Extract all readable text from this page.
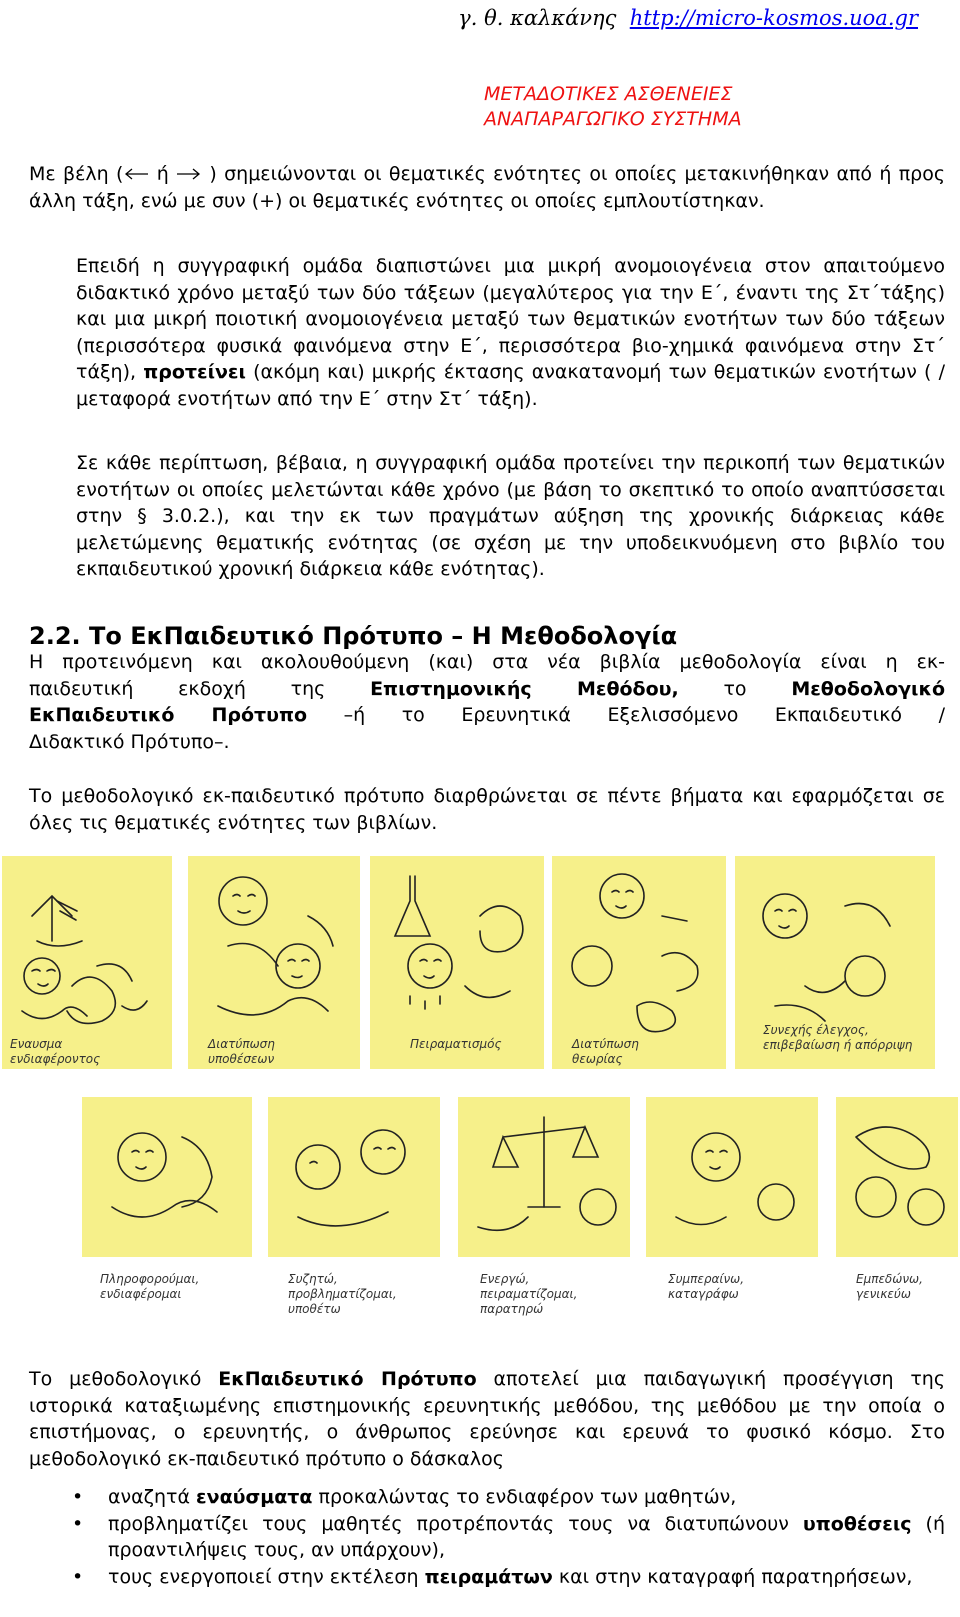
γ. θ. καλκάνης http://micro-kosmos.uoa.gr
ΜΕΤΑΔΟΤΙΚΕΣ ΑΣΘΕΝΕΙΕΣ
ΑΝΑΠΑΡΑΓΩΓΙΚΟ ΣΥΣΤΗΜΑ
Με βέλη ( ή  ) σημειώνονται οι θεματικές ενότητες οι οποίες μετακινήθηκαν από ή προς άλλη τάξη, ενώ με συν (+) οι θεματικές ενότητες οι οποίες εμπλουτίστηκαν.
Επειδή η συγγραφική ομάδα διαπιστώνει μια μικρή ανομοιογένεια στον απαιτούμενο διδακτικό χρόνο μεταξύ των δύο τάξεων (μεγαλύτερος για την Ε΄, έναντι της Στ΄τάξης) και μια μικρή ποιοτική ανομοιογένεια μεταξύ των θεματικών ενοτήτων των δύο τάξεων (περισσότερα φυσικά φαινόμενα στην Ε΄, περισσότερα βιο-χημικά φαινόμενα στην Στ΄ τάξη), προτείνει (ακόμη και) μικρής έκτασης ανακατανομή των θεματικών ενοτήτων ( / μεταφορά ενοτήτων από την Ε΄ στην Στ΄ τάξη).
Σε κάθε περίπτωση, βέβαια, η συγγραφική ομάδα προτείνει την περικοπή των θεματικών ενοτήτων οι οποίες μελετώνται κάθε χρόνο (με βάση το σκεπτικό το οποίο αναπτύσσεται στην § 3.0.2.), και την εκ των πραγμάτων αύξηση της χρονικής διάρκειας κάθε μελετώμενης θεματικής ενότητας (σε σχέση με την υποδεικνυόμενη στο βιβλίο του εκπαιδευτικού χρονική διάρκεια κάθε ενότητας).
2.2. Το ΕκΠαιδευτικό Πρότυπο – Η Μεθοδολογία
Η προτεινόμενη και ακολουθούμενη (και) στα νέα βιβλία μεθοδολογία είναι η εκ-
παιδευτική εκδοχή της Επιστημονικής Μεθόδου, το Μεθοδολογικό
ΕκΠαιδευτικό Πρότυπο –ή το Ερευνητικά Εξελισσόμενο Εκπαιδευτικό /
Διδακτικό Πρότυπο–.
Το μεθοδολογικό εκ-παιδευτικό πρότυπο διαρθρώνεται σε πέντε βήματα και εφαρμόζεται σε όλες τις θεματικές ενότητες των βιβλίων.
Εναυσμα
ενδιαφέροντος
Διατύπωση
υποθέσεων
Πειραματισμός	Διατύπωση
θεωρίας
Συνεχής έλεγχος,
επιβεβαίωση ή απόρριψη
Πληροφορούμαι,
ενδιαφέρομαι
Συζητώ,
προβληματίζομαι,
υποθέτω
Ενεργώ,
πειραματίζομαι,
παρατηρώ
Συμπεραίνω,
καταγράφω
Εμπεδώνω,
γενικεύω
Το μεθοδολογικό ΕκΠαιδευτικό Πρότυπο αποτελεί μια παιδαγωγική προσέγγιση της ιστορικά καταξιωμένης επιστημονικής ερευνητικής μεθόδου, της μεθόδου με την οποία ο επιστήμονας, ο ερευνητής, ο άνθρωπος ερεύνησε και ερευνά το φυσικό κόσμο. Στο μεθοδολογικό εκ-παιδευτικό πρότυπο ο δάσκαλος
• αναζητά εναύσματα προκαλώντας το ενδιαφέρον των μαθητών,
• προβληματίζει τους μαθητές προτρέποντάς τους να διατυπώνουν υποθέσεις (ή προαντιλήψεις τους, αν υπάρχουν),
• τους ενεργοποιεί στην εκτέλεση πειραμάτων και στην καταγραφή παρατηρήσεων,
